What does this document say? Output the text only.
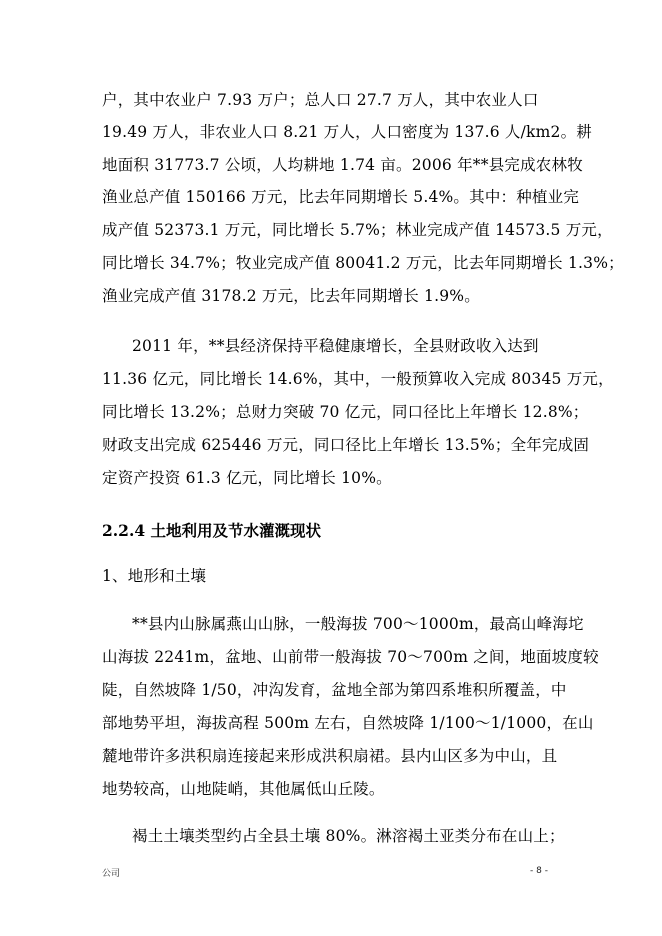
户，其中农业户 7.93 万户；总人口 27.7 万人，其中农业人口
19.49 万人，非农业人口 8.21 万人，人口密度为 137.6 人/km2。耕
地面积 31773.7 公顷，人均耕地 1.74 亩。2006 年**县完成农林牧
渔业总产值 150166 万元，比去年同期增长 5.4%。其中：种植业完
成产值 52373.1 万元，同比增长 5.7%；林业完成产值 14573.5 万元，
同比增长 34.7%；牧业完成产值 80041.2 万元，比去年同期增长 1.3%；
渔业完成产值 3178.2 万元，比去年同期增长 1.9%。
2011 年，**县经济保持平稳健康增长，全县财政收入达到
11.36 亿元，同比增长 14.6%，其中，一般预算收入完成 80345 万元，
同比增长 13.2%；总财力突破 70 亿元，同口径比上年增长 12.8%；
财政支出完成 625446 万元，同口径比上年增长 13.5%；全年完成固
定资产投资 61.3 亿元，同比增长 10%。
2.2.4 土地利用及节水灌溉现状
1、地形和土壤
**县内山脉属燕山山脉，一般海拔 700～1000m，最高山峰海坨
山海拔 2241m，盆地、山前带一般海拔 70～700m 之间，地面坡度较
陡，自然坡降 1/50，冲沟发育，盆地全部为第四系堆积所覆盖，中
部地势平坦，海拔高程 500m 左右，自然坡降 1/100～1/1000，在山
麓地带许多洪积扇连接起来形成洪积扇裙。县内山区多为中山，且
地势较高，山地陡峭，其他属低山丘陵。
褐土土壤类型约占全县土壤 80%。淋溶褐土亚类分布在山上；
公司	- 8 -
